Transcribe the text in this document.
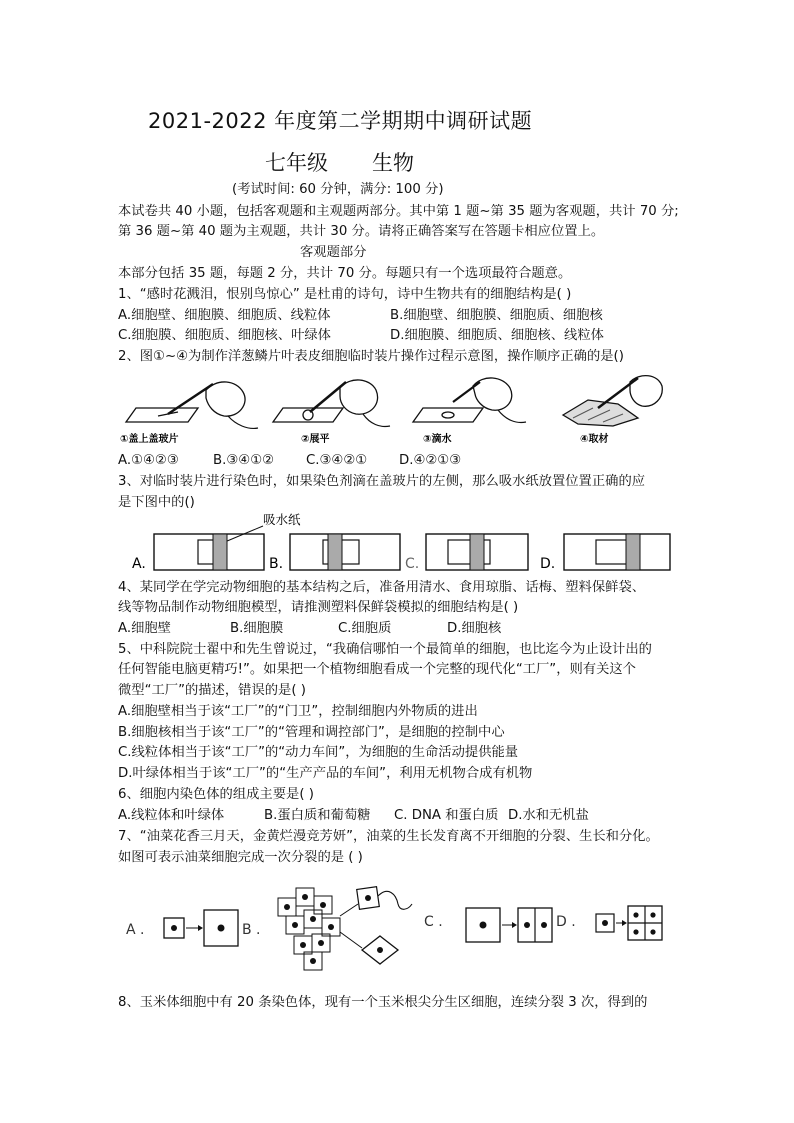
2021-2022 年度第二学期期中调研试题
七年级 生物
(考试时间: 60 分钟，满分: 100 分)
本试卷共 40 小题，包括客观题和主观题两部分。其中第 1 题~第 35 题为客观题，共计 70 分;
第 36 题~第 40 题为主观题，共计 30 分。请将正确答案写在答题卡相应位置上。
客观题部分
本部分包括 35 题，每题 2 分，共计 70 分。每题只有一个选项最符合题意。
1、“感时花溅泪，恨别鸟惊心” 是杜甫的诗句，诗中生物共有的细胞结构是( )
A.细胞壁、细胞膜、细胞质、线粒体	B.细胞壁、细胞膜、细胞质、细胞核
C.细胞膜、细胞质、细胞核、叶绿体	D.细胞膜、细胞质、细胞核、线粒体
2、图①~④为制作洋葱鳞片叶表皮细胞临时装片操作过程示意图，操作顺序正确的是()
①盖上盖玻片	②展平	③滴水	④取材
A.①④②③	B.③④①② C.③④②① D.④②①③
3、对临时装片进行染色时，如果染色剂滴在盖玻片的左侧，那么吸水纸放置位置正确的应
是下图中的()
吸水纸
A.	B.	C.	D.
4、某同学在学完动物细胞的基本结构之后，准备用清水、食用琼脂、话梅、塑料保鲜袋、
线等物品制作动物细胞模型，请推测塑料保鲜袋模拟的细胞结构是( )
A.细胞壁	B.细胞膜	C.细胞质	D.细胞核
5、中科院院士翟中和先生曾说过，“我确信哪怕一个最简单的细胞，也比迄今为止设计出的
任何智能电脑更精巧!”。如果把一个植物细胞看成一个完整的现代化“工厂”，则有关这个
微型“工厂”的描述，错误的是( )
A.细胞壁相当于该“工厂”的“门卫”，控制细胞内外物质的进出
B.细胞核相当于该“工厂”的“管理和调控部门”，是细胞的控制中心
C.线粒体相当于该“工厂”的“动力车间”，为细胞的生命活动提供能量
D.叶绿体相当于该“工厂”的“生产产品的车间”，利用无机物合成有机物
6、细胞内染色体的组成主要是( )
A.线粒体和叶绿体	B.蛋白质和葡萄糖 C. DNA 和蛋白质 D.水和无机盐
7、“油菜花香三月天，金黄烂漫竞芳妍”，油菜的生长发育离不开细胞的分裂、生长和分化。
如图可表示油菜细胞完成一次分裂的是 ( )
A .	B .	C .	D .
8、玉米体细胞中有 20 条染色体，现有一个玉米根尖分生区细胞，连续分裂 3 次，得到的
